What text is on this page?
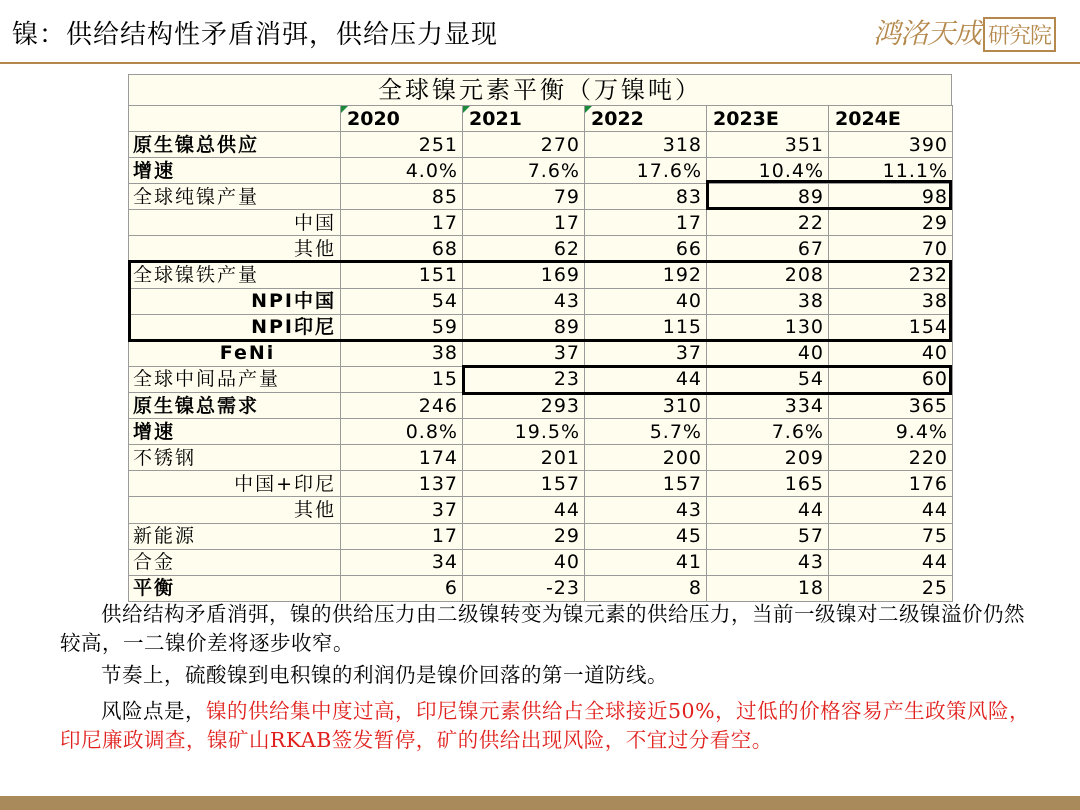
镍：供给结构性矛盾消弭，供给压力显现	鸿洺天成 研究院
全球镍元素平衡（万镍吨）
	2020	2021	2022	2023E	2024E
原生镍总供应	251	270	318	351	390
增速	4.0%	7.6%	17.6%	10.4%	11.1%
全球纯镍产量	85	79	83	89	98
中国	17	17	17	22	29
其他	68	62	66	67	70
全球镍铁产量	151	169	192	208	232
NPI中国	54	43	40	38	38
NPI印尼	59	89	115	130	154
FeNi	38	37	37	40	40
全球中间品产量	15	23	44	54	60
原生镍总需求	246	293	310	334	365
增速	0.8%	19.5%	5.7%	7.6%	9.4%
不锈钢	174	201	200	209	220
中国+印尼	137	157	157	165	176
其他	37	44	43	44	44
新能源	17	29	45	57	75
合金	34	40	41	43	44
平衡	6	-23	8	18	25
供给结构矛盾消弭，镍的供给压力由二级镍转变为镍元素的供给压力，当前一级镍对二级镍溢价仍然较高，一二镍价差将逐步收窄。
节奏上，硫酸镍到电积镍的利润仍是镍价回落的第一道防线。
风险点是，镍的供给集中度过高，印尼镍元素供给占全球接近50%，过低的价格容易产生政策风险，印尼廉政调查，镍矿山RKAB签发暂停，矿的供给出现风险，不宜过分看空。
